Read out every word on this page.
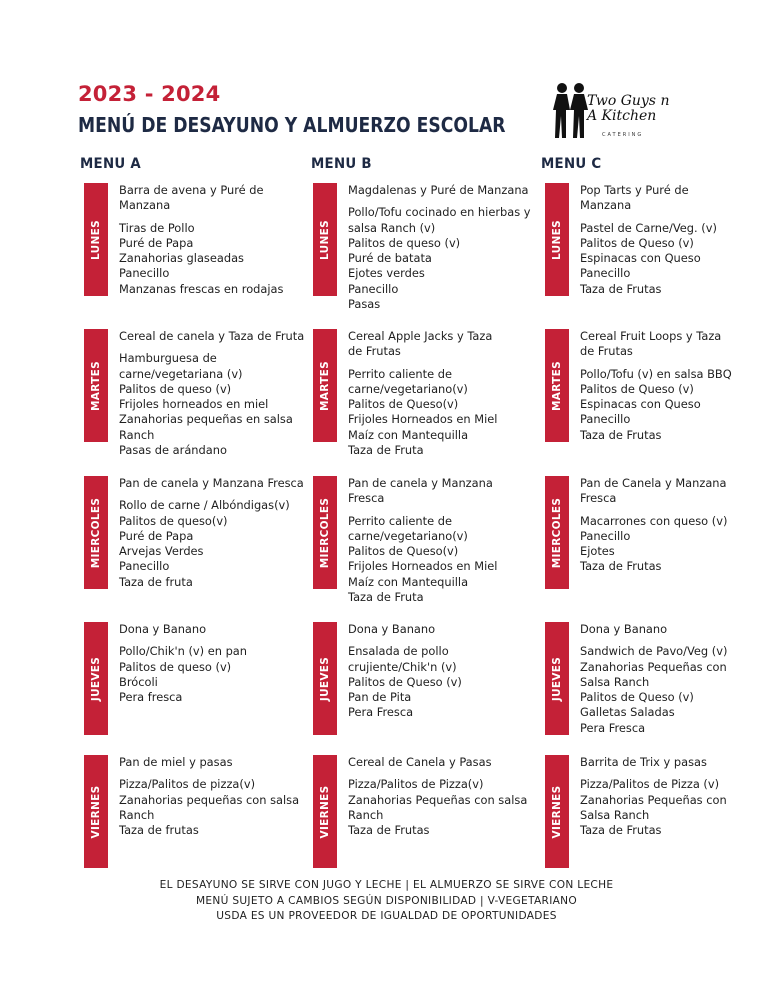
2023 - 2024
MENÚ DE DESAYUNO Y ALMUERZO ESCOLAR
Two Guys n
A Kitchen
CATERING
MENU A	MENU B	MENU C
LUNES
Barra de avena y Puré de
Manzana
Tiras de Pollo
Puré de Papa
Zanahorias glaseadas
Panecillo
Manzanas frescas en rodajas
MARTES
Cereal de canela y Taza de Fruta
Hamburguesa de
carne/vegetariana (v)
Palitos de queso (v)
Frijoles horneados en miel
Zanahorias pequeñas en salsa
Ranch
Pasas de arándano
MIERCOLES
Pan de canela y Manzana Fresca
Rollo de carne / Albóndigas(v)
Palitos de queso(v)
Puré de Papa
Arvejas Verdes
Panecillo
Taza de fruta
JUEVES
Dona y Banano
Pollo/Chik'n (v) en pan
Palitos de queso (v)
Brócoli
Pera fresca
VIERNES
Pan de miel y pasas
Pizza/Palitos de pizza(v)
Zanahorias pequeñas con salsa
Ranch
Taza de frutas
LUNES
Magdalenas y Puré de Manzana
Pollo/Tofu cocinado en hierbas y
salsa Ranch (v)
Palitos de queso (v)
Puré de batata
Ejotes verdes
Panecillo
Pasas
MARTES
Cereal Apple Jacks y Taza
de Frutas
Perrito caliente de
carne/vegetariano(v)
Palitos de Queso(v)
Frijoles Horneados en Miel
Maíz con Mantequilla
Taza de Fruta
MIERCOLES
Pan de canela y Manzana
Fresca
Perrito caliente de
carne/vegetariano(v)
Palitos de Queso(v)
Frijoles Horneados en Miel
Maíz con Mantequilla
Taza de Fruta
JUEVES
Dona y Banano
Ensalada de pollo
crujiente/Chik'n (v)
Palitos de Queso (v)
Pan de Pita
Pera Fresca
VIERNES
Cereal de Canela y Pasas
Pizza/Palitos de Pizza(v)
Zanahorias Pequeñas con salsa
Ranch
Taza de Frutas
LUNES
Pop Tarts y Puré de
Manzana
Pastel de Carne/Veg. (v)
Palitos de Queso (v)
Espinacas con Queso
Panecillo
Taza de Frutas
MARTES
Cereal Fruit Loops y Taza
de Frutas
Pollo/Tofu (v) en salsa BBQ
Palitos de Queso (v)
Espinacas con Queso
Panecillo
Taza de Frutas
MIERCOLES
Pan de Canela y Manzana
Fresca
Macarrones con queso (v)
Panecillo
Ejotes
Taza de Frutas
JUEVES
Dona y Banano
Sandwich de Pavo/Veg (v)
Zanahorias Pequeñas con
Salsa Ranch
Palitos de Queso (v)
Galletas Saladas
Pera Fresca
VIERNES
Barrita de Trix y pasas
Pizza/Palitos de Pizza (v)
Zanahorias Pequeñas con
Salsa Ranch
Taza de Frutas
EL DESAYUNO SE SIRVE CON JUGO Y LECHE | EL ALMUERZO SE SIRVE CON LECHE
MENÚ SUJETO A CAMBIOS SEGÚN DISPONIBILIDAD | V-VEGETARIANO
USDA ES UN PROVEEDOR DE IGUALDAD DE OPORTUNIDADES
